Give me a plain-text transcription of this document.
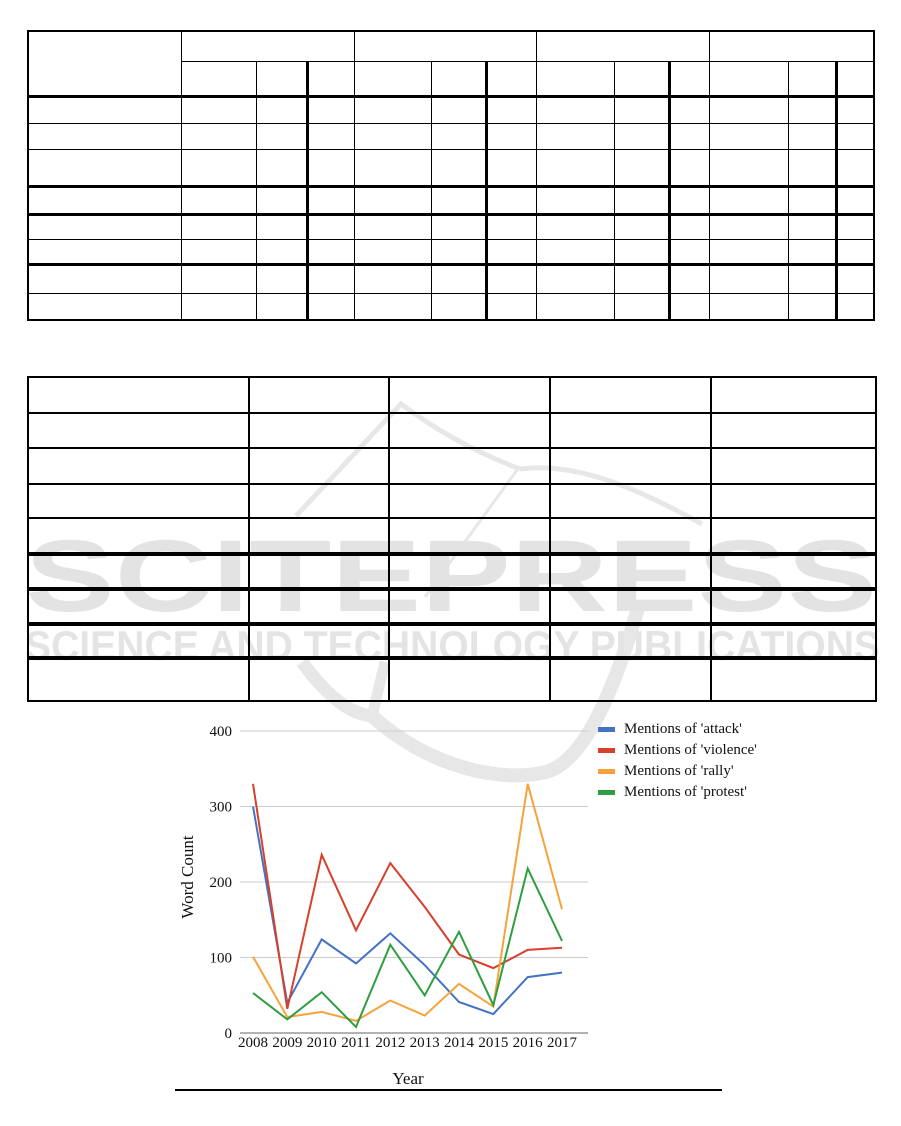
SCITEPRESS
SCIENCE AND TECHNOLOGY PUBLICATIONS

0
100
200
300
400
2008 2009 2010 2011 2012 2013 2014 2015 2016 2017
Word Count
Year
Mentions of 'attack'
Mentions of 'violence'
Mentions of 'rally'
Mentions of 'protest'
